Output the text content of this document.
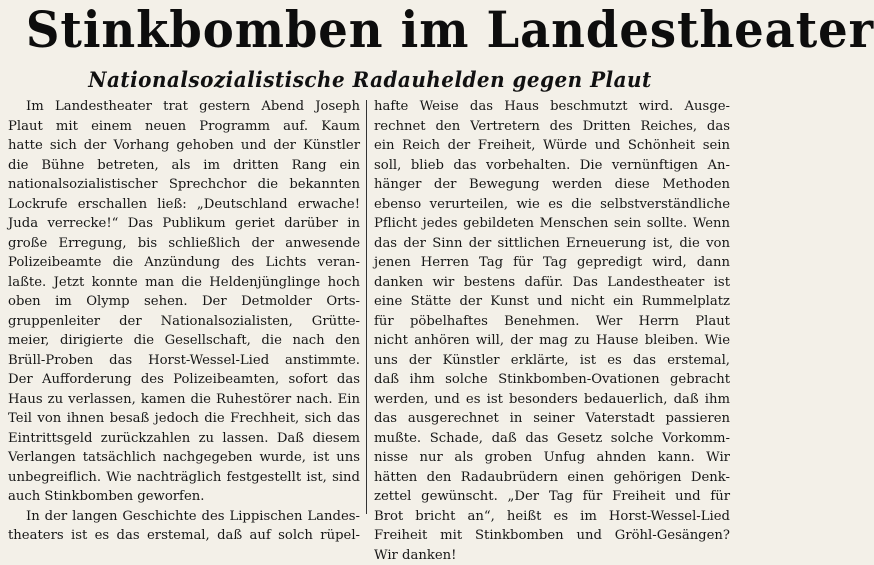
Stinkbomben im Landestheater
Nationalsozialistische Radauhelden gegen Plaut
Im Landestheater trat gestern Abend Joseph
Plaut mit einem neuen Programm auf. Kaum
hatte sich der Vorhang gehoben und der Künstler
die Bühne betreten, als im dritten Rang ein
nationalsozialistischer Sprechchor die bekannten
Lockrufe erschallen ließ: „Deutschland erwache!
Juda verrecke!“ Das Publikum geriet darüber in
große Erregung, bis schließlich der anwesende
Polizeibeamte die Anzündung des Lichts veran-
laßte. Jetzt konnte man die Heldenjünglinge hoch
oben im Olymp sehen. Der Detmolder Orts-
gruppenleiter der Nationalsozialisten, Grütte-
meier, dirigierte die Gesellschaft, die nach den
Brüll-Proben das Horst-Wessel-Lied anstimmte.
Der Aufforderung des Polizeibeamten, sofort das
Haus zu verlassen, kamen die Ruhestörer nach. Ein
Teil von ihnen besaß jedoch die Frechheit, sich das
Eintrittsgeld zurückzahlen zu lassen. Daß diesem
Verlangen tatsächlich nachgegeben wurde, ist uns
unbegreiflich. Wie nachträglich festgestellt ist, sind
auch Stinkbomben geworfen.
In der langen Geschichte des Lippischen Landes-
theaters ist es das erstemal, daß auf solch rüpel-
hafte Weise das Haus beschmutzt wird. Ausge-
rechnet den Vertretern des Dritten Reiches, das
ein Reich der Freiheit, Würde und Schönheit sein
soll, blieb das vorbehalten. Die vernünftigen An-
hänger der Bewegung werden diese Methoden
ebenso verurteilen, wie es die selbstverständliche
Pflicht jedes gebildeten Menschen sein sollte. Wenn
das der Sinn der sittlichen Erneuerung ist, die von
jenen Herren Tag für Tag gepredigt wird, dann
danken wir bestens dafür. Das Landestheater ist
eine Stätte der Kunst und nicht ein Rummelplatz
für pöbelhaftes Benehmen. Wer Herrn Plaut
nicht anhören will, der mag zu Hause bleiben. Wie
uns der Künstler erklärte, ist es das erstemal,
daß ihm solche Stinkbomben-Ovationen gebracht
werden, und es ist besonders bedauerlich, daß ihm
das ausgerechnet in seiner Vaterstadt passieren
mußte. Schade, daß das Gesetz solche Vorkomm-
nisse nur als groben Unfug ahnden kann. Wir
hätten den Radaubrüdern einen gehörigen Denk-
zettel gewünscht. „Der Tag für Freiheit und für
Brot bricht an“, heißt es im Horst-Wessel-Lied
Freiheit mit Stinkbomben und Gröhl-Gesängen?
Wir danken!
